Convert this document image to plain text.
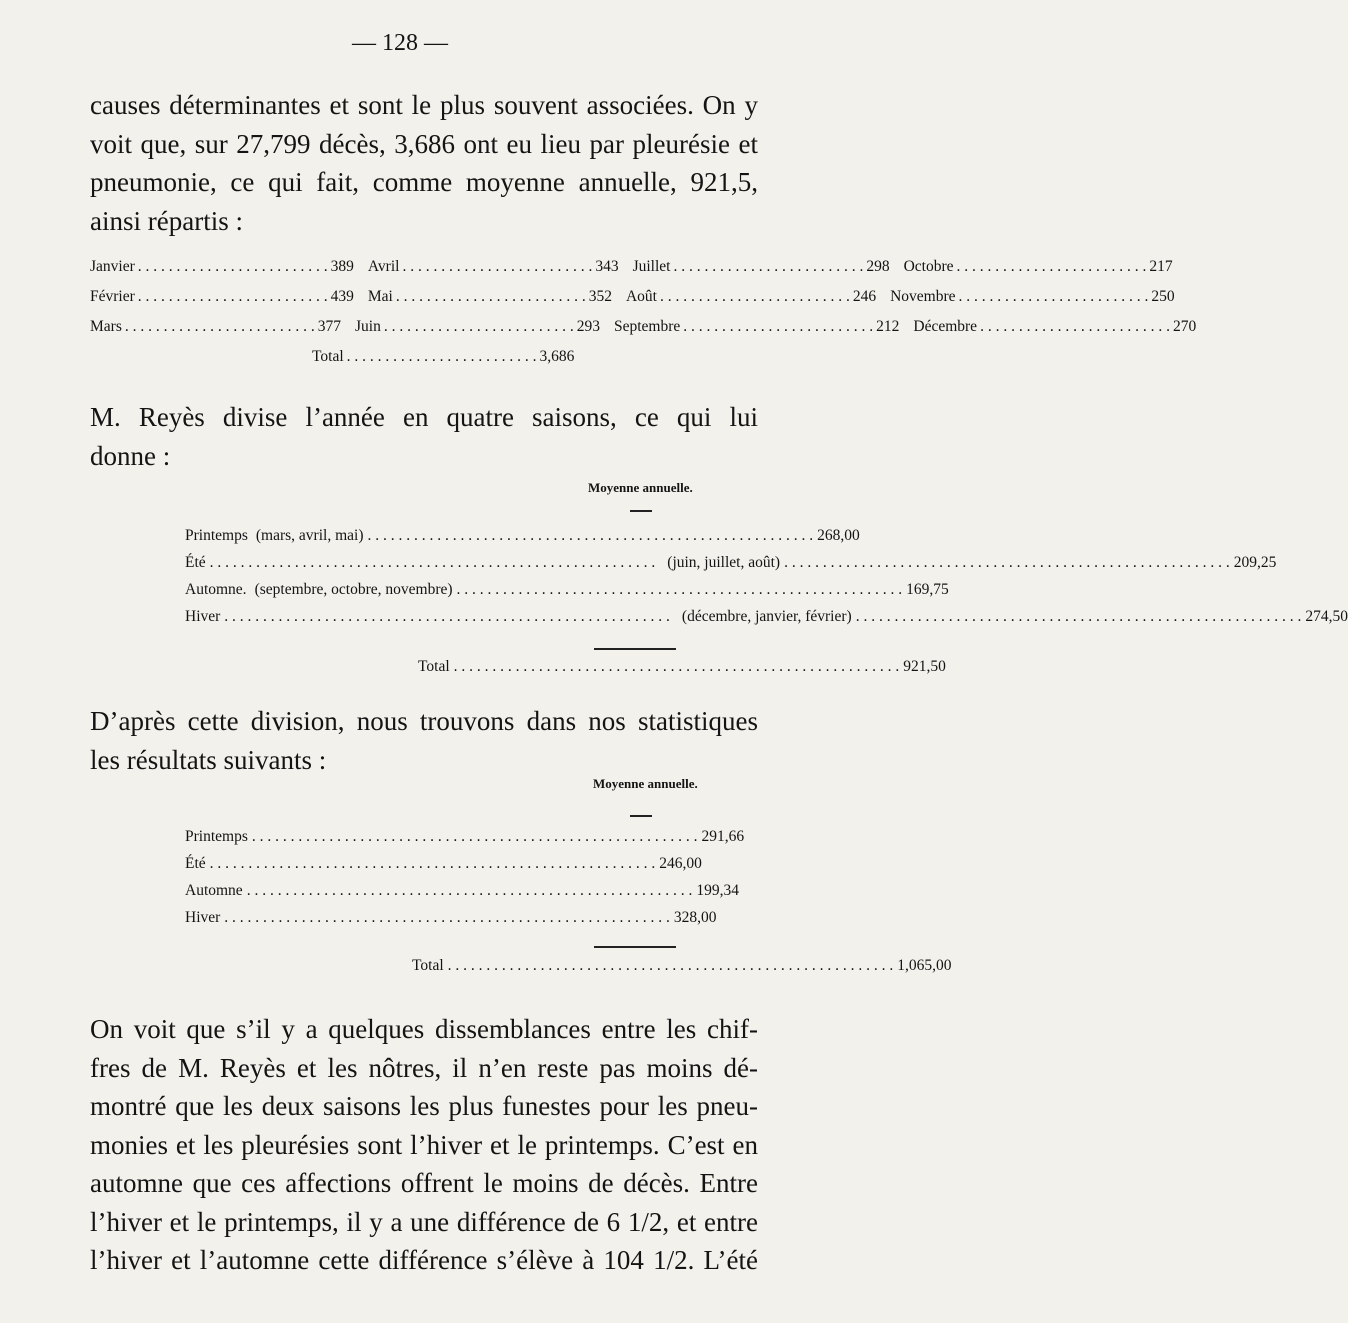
— 128 —
causes déterminantes et sont le plus souvent associées. On y
voit que, sur 27,799 décès, 3,686 ont eu lieu par pleurésie et
pneumonie, ce qui fait, comme moyenne annuelle, 921,5,
ainsi répartis :
Janvier . . .	389 Avril . . .	343 Juillet . . .	298 Octobre . . .	217
Février . . .	439 Mai . . .	352 Août . . .	246 Novembre . . .	250
Mars . . .	377 Juin . . .	293 Septembre . . .	212 Décembre . . .	270
Total . . .	3,686
M. Reyès divise l’année en quatre saisons, ce qui lui
donne :
Moyenne annuelle.
Printemps (mars, avril, mai) . . .	268,00
Été . . .	(juin, juillet, août) . . .	209,25
Automne. (septembre, octobre, novembre) . . .	169,75
Hiver . . .	(décembre, janvier, février) . . .	274,50
Total . . .	921,50
D’après cette division, nous trouvons dans nos statistiques
les résultats suivants :
Moyenne annuelle.
Printemps . . .	291,66
Été . . .	246,00
Automne . . .	199,34
Hiver . . .	328,00
Total . . .	1,065,00
On voit que s’il y a quelques dissemblances entre les chif-
fres de M. Reyès et les nôtres, il n’en reste pas moins dé-
montré que les deux saisons les plus funestes pour les pneu-
monies et les pleurésies sont l’hiver et le printemps. C’est en
automne que ces affections offrent le moins de décès. Entre
l’hiver et le printemps, il y a une différence de 6 1/2, et entre
l’hiver et l’automne cette différence s’élève à 104 1/2. L’été
